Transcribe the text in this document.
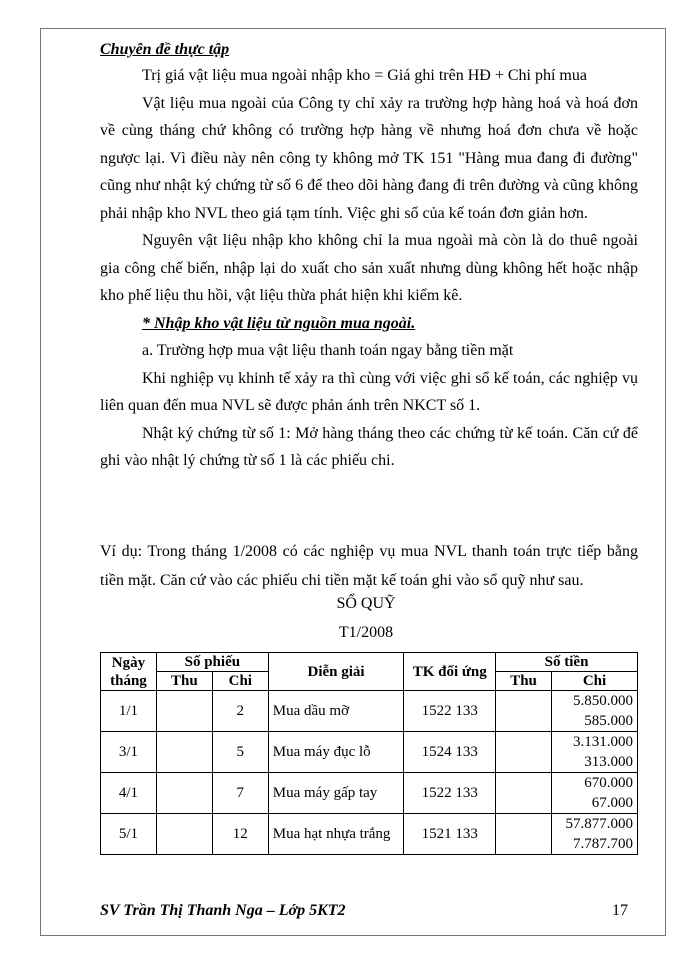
Chuyên đề thực tập

Trị giá vật liệu mua ngoài nhập kho = Giá ghi trên HĐ + Chi phí mua

Vật liệu mua ngoài của Công ty chỉ xảy ra trường hợp hàng hoá và hoá đơn về cùng tháng chứ không có trường hợp hàng về nhưng hoá đơn chưa về hoặc ngược lại. Vì điều này nên công ty không mở TK 151 "Hàng mua đang đi đường" cũng như nhật ký chứng từ số 6 để theo dõi hàng đang đi trên đường và cũng không phải nhập kho NVL theo giá tạm tính. Việc ghi sổ của kế toán đơn giản hơn.

Nguyên vật liệu nhập kho không chỉ la mua ngoài mà còn là do thuê ngoài gia công chế biến, nhập lại do xuất cho sản xuất nhưng dùng không hết hoặc nhập kho phế liệu thu hồi, vật liệu thừa phát hiện khi kiểm kê.

* Nhập kho vật liệu từ nguồn mua ngoài.

a. Trường hợp mua vật liệu thanh toán ngay bằng tiền mặt

Khi nghiệp vụ khinh tế xảy ra thì cùng với việc ghi sổ kế toán, các nghiệp vụ liên quan đến mua NVL sẽ được phản ánh trên NKCT số 1.

Nhật ký chứng từ số 1: Mở hàng tháng theo các chứng từ kế toán. Căn cứ để ghi vào nhật lý chứng từ số 1 là các phiếu chi.

Ví dụ: Trong tháng 1/2008 có các nghiệp vụ mua NVL thanh toán trực tiếp bằng tiền mặt. Căn cứ vào các phiếu chi tiền mặt kế toán ghi vào sổ quỹ như sau.
SỔ QUỸ
T1/2008
Ngày tháng	Số phiếu		Diễn giải	TK đối ứng	Số tiền	
	Thu	Chi			Thu	Chi
1/1		2	Mua dầu mỡ	1522 133		5.850.000
585.000

3/1		5	Mua máy đục lỗ	1524 133		3.131.000
313.000

4/1		7	Mua máy gấp tay	1522 133		670.000
67.000

5/1		12	Mua hạt nhựa trắng	1521 133		57.877.000
7.787.700
SV Trần Thị Thanh Nga – Lớp 5KT2	17
